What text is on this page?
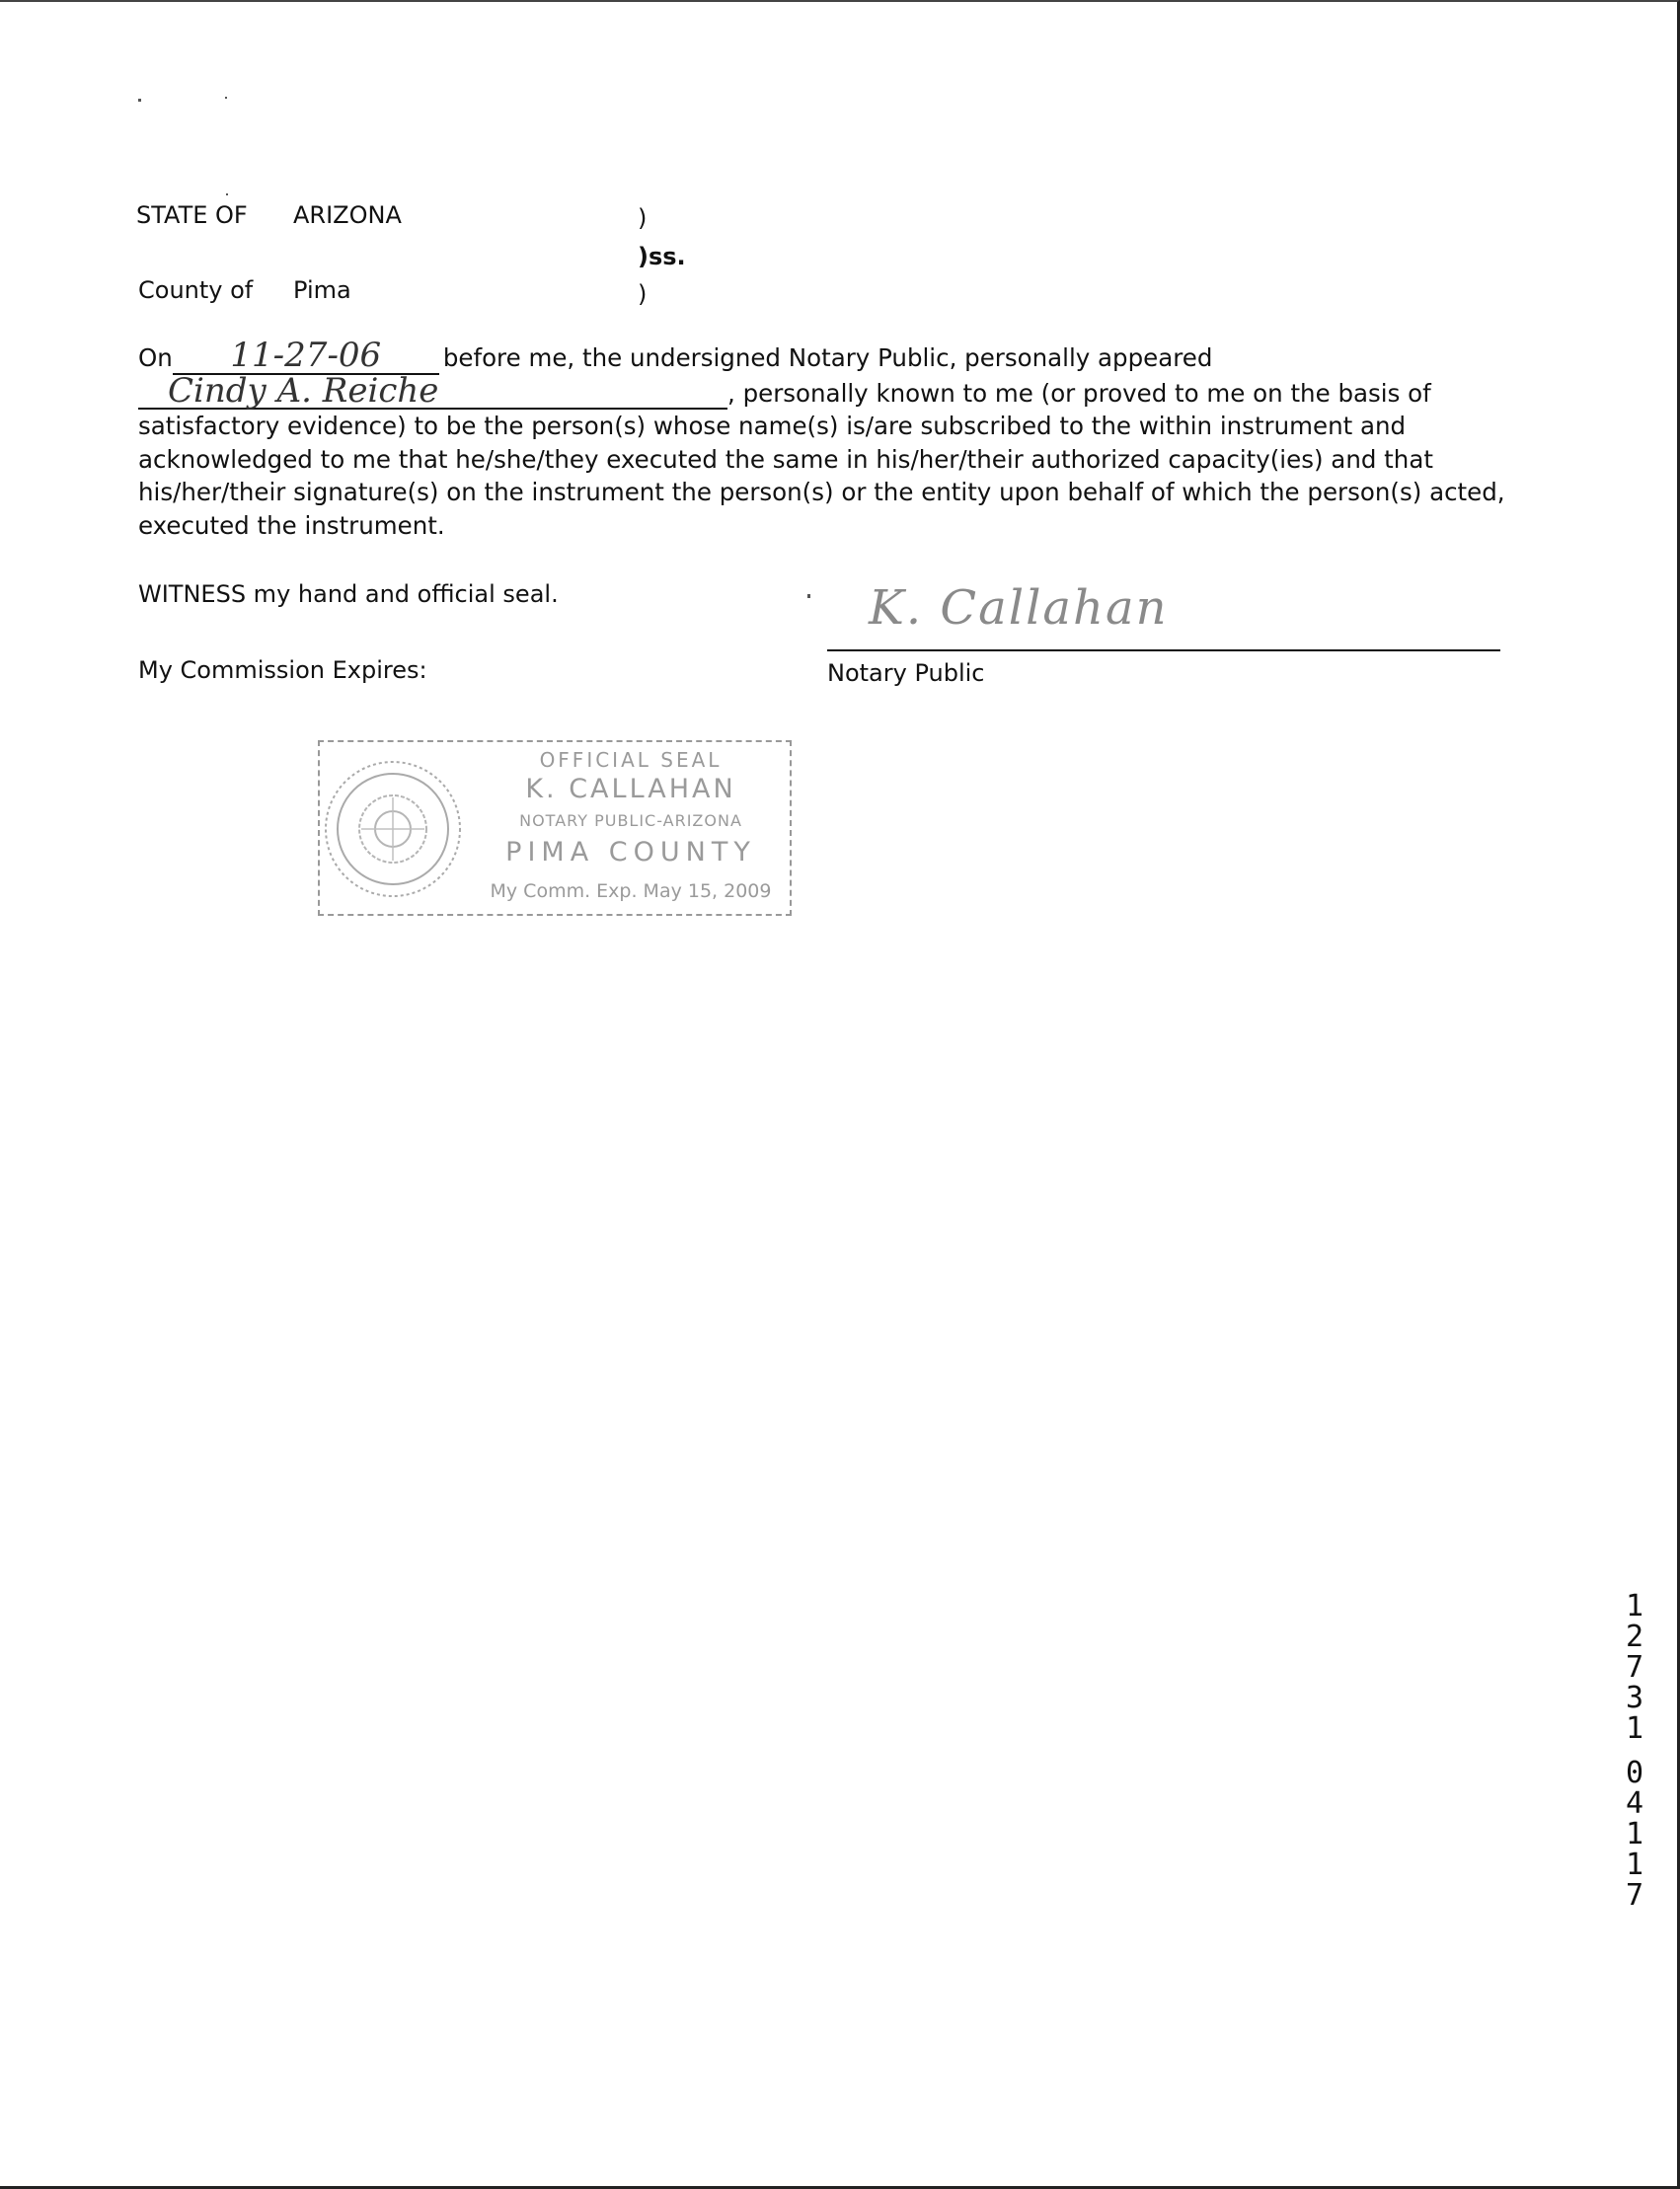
STATE OF ARIZONA	)
)ss.
County of Pima	)
On 11-27-06	before me, the undersigned Notary Public, personally appeared
Cindy A. Reiche	, personally known to me (or proved to me on the basis of
satisfactory evidence) to be the person(s) whose name(s) is/are subscribed to the within instrument and
acknowledged to me that he/she/they executed the same in his/her/their authorized capacity(ies) and that
his/her/their signature(s) on the instrument the person(s) or the entity upon behalf of which the person(s) acted,
executed the instrument.
WITNESS my hand and official seal.	K. Callahan
My Commission Expires:	Notary Public
OFFICIAL SEAL
K. CALLAHAN
NOTARY PUBLIC-ARIZONA
PIMA COUNTY
My Comm. Exp. May 15, 2009
1
2
7
3
1

0
4
1
1
7
